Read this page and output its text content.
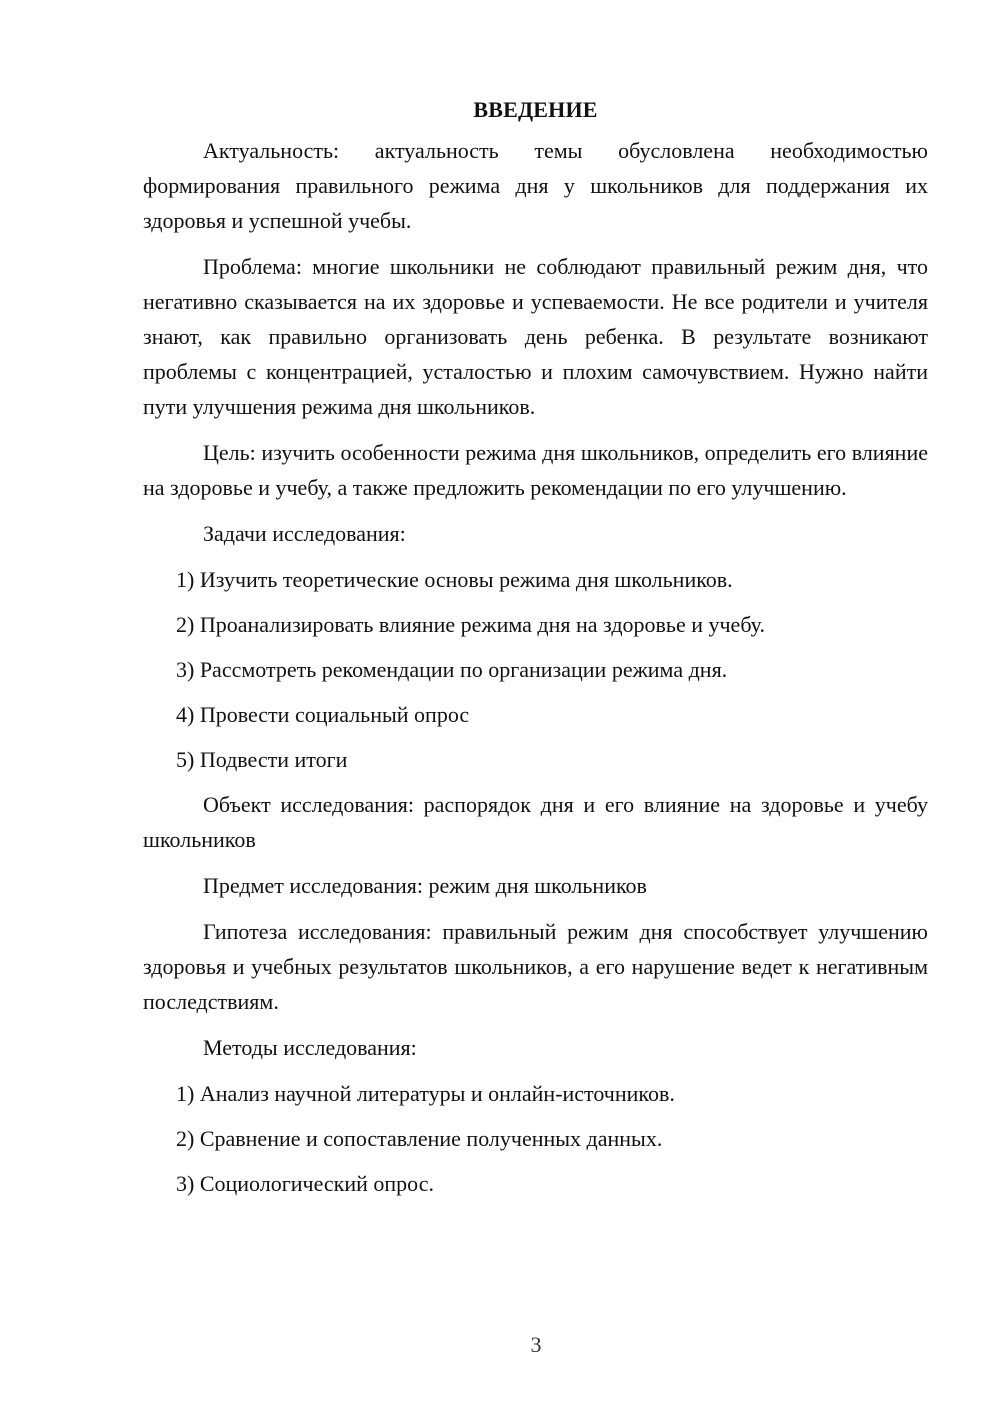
ВВЕДЕНИЕ

Актуальность: актуальность темы обусловлена необходимостью формирования правильного режима дня у школьников для поддержания их здоровья и успешной учебы.

Проблема: многие школьники не соблюдают правильный режим дня, что негативно сказывается на их здоровье и успеваемости. Не все родители и учителя знают, как правильно организовать день ребенка. В результате возникают проблемы с концентрацией, усталостью и плохим самочувствием. Нужно найти пути улучшения режима дня школьников.

Цель: изучить особенности режима дня школьников, определить его влияние на здоровье и учебу, а также предложить рекомендации по его улучшению.

Задачи исследования:

1) Изучить теоретические основы режима дня школьников.
2) Проанализировать влияние режима дня на здоровье и учебу.
3) Рассмотреть рекомендации по организации режима дня.
4) Провести социальный опрос
5) Подвести итоги

Объект исследования: распорядок дня и его влияние на здоровье и учебу школьников

Предмет исследования: режим дня школьников

Гипотеза исследования: правильный режим дня способствует улучшению здоровья и учебных результатов школьников, а его нарушение ведет к негативным последствиям.

Методы исследования:

1) Анализ научной литературы и онлайн-источников.
2) Сравнение и сопоставление полученных данных.
3) Социологический опрос.
3
